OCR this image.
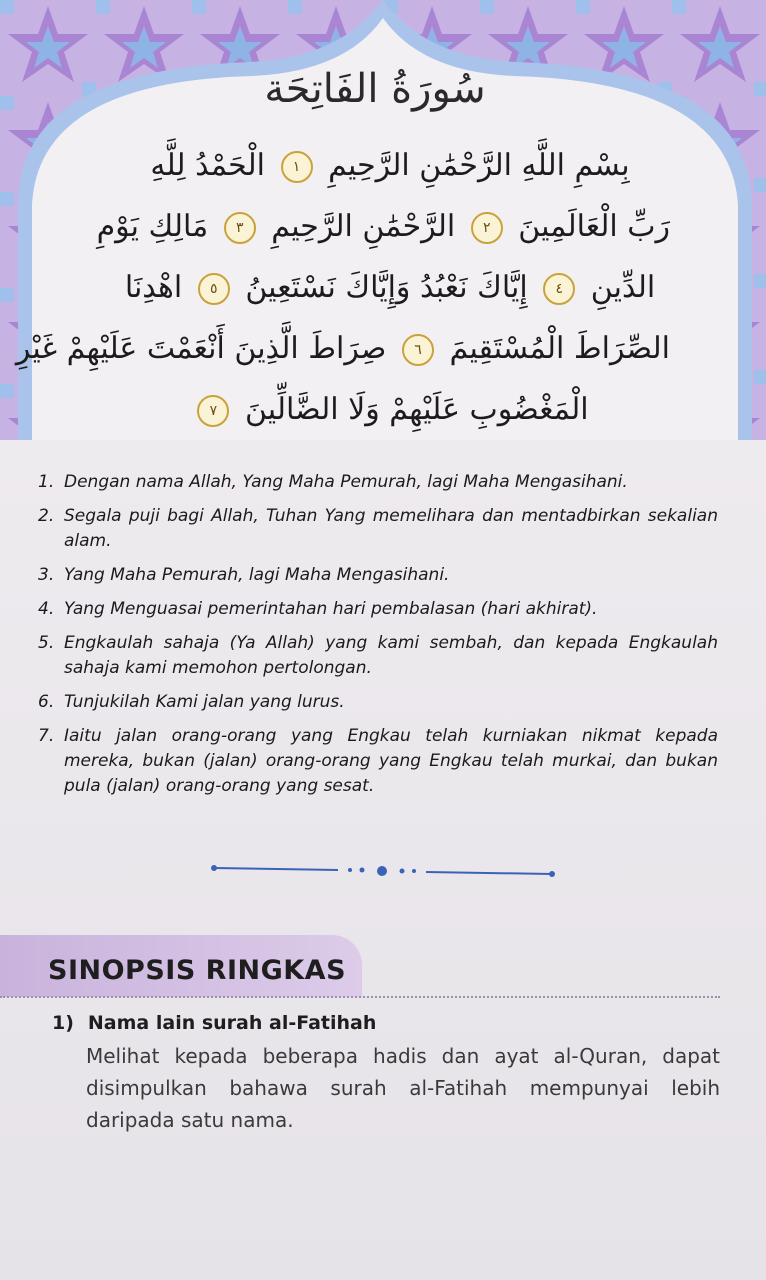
سُورَةُ الفَاتِحَة
بِسْمِ اللَّهِ الرَّحْمَٰنِ الرَّحِيمِ ١ الْحَمْدُ لِلَّهِ
رَبِّ الْعَالَمِينَ ٢ الرَّحْمَٰنِ الرَّحِيمِ ٣ مَالِكِ يَوْمِ
الدِّينِ ٤ إِيَّاكَ نَعْبُدُ وَإِيَّاكَ نَسْتَعِينُ ٥ اهْدِنَا
الصِّرَاطَ الْمُسْتَقِيمَ ٦ صِرَاطَ الَّذِينَ أَنْعَمْتَ عَلَيْهِمْ غَيْرِ
الْمَغْضُوبِ عَلَيْهِمْ وَلَا الضَّالِّينَ ٧
1. Dengan nama Allah, Yang Maha Pemurah, lagi Maha Mengasihani.
2. Segala puji bagi Allah, Tuhan Yang memelihara dan mentadbirkan sekalian alam.
3. Yang Maha Pemurah, lagi Maha Mengasihani.
4. Yang Menguasai pemerintahan hari pembalasan (hari akhirat).
5. Engkaulah sahaja (Ya Allah) yang kami sembah, dan kepada Engkaulah sahaja kami memohon pertolongan.
6. Tunjukilah Kami jalan yang lurus.
7. Iaitu jalan orang-orang yang Engkau telah kurniakan nikmat kepada mereka, bukan (jalan) orang-orang yang Engkau telah murkai, dan bukan pula (jalan) orang-orang yang sesat.
SINOPSIS RINGKAS
1) Nama lain surah al-Fatihah
Melihat kepada beberapa hadis dan ayat al-Quran, dapat disimpulkan bahawa surah al-Fatihah mempunyai lebih daripada satu nama.
